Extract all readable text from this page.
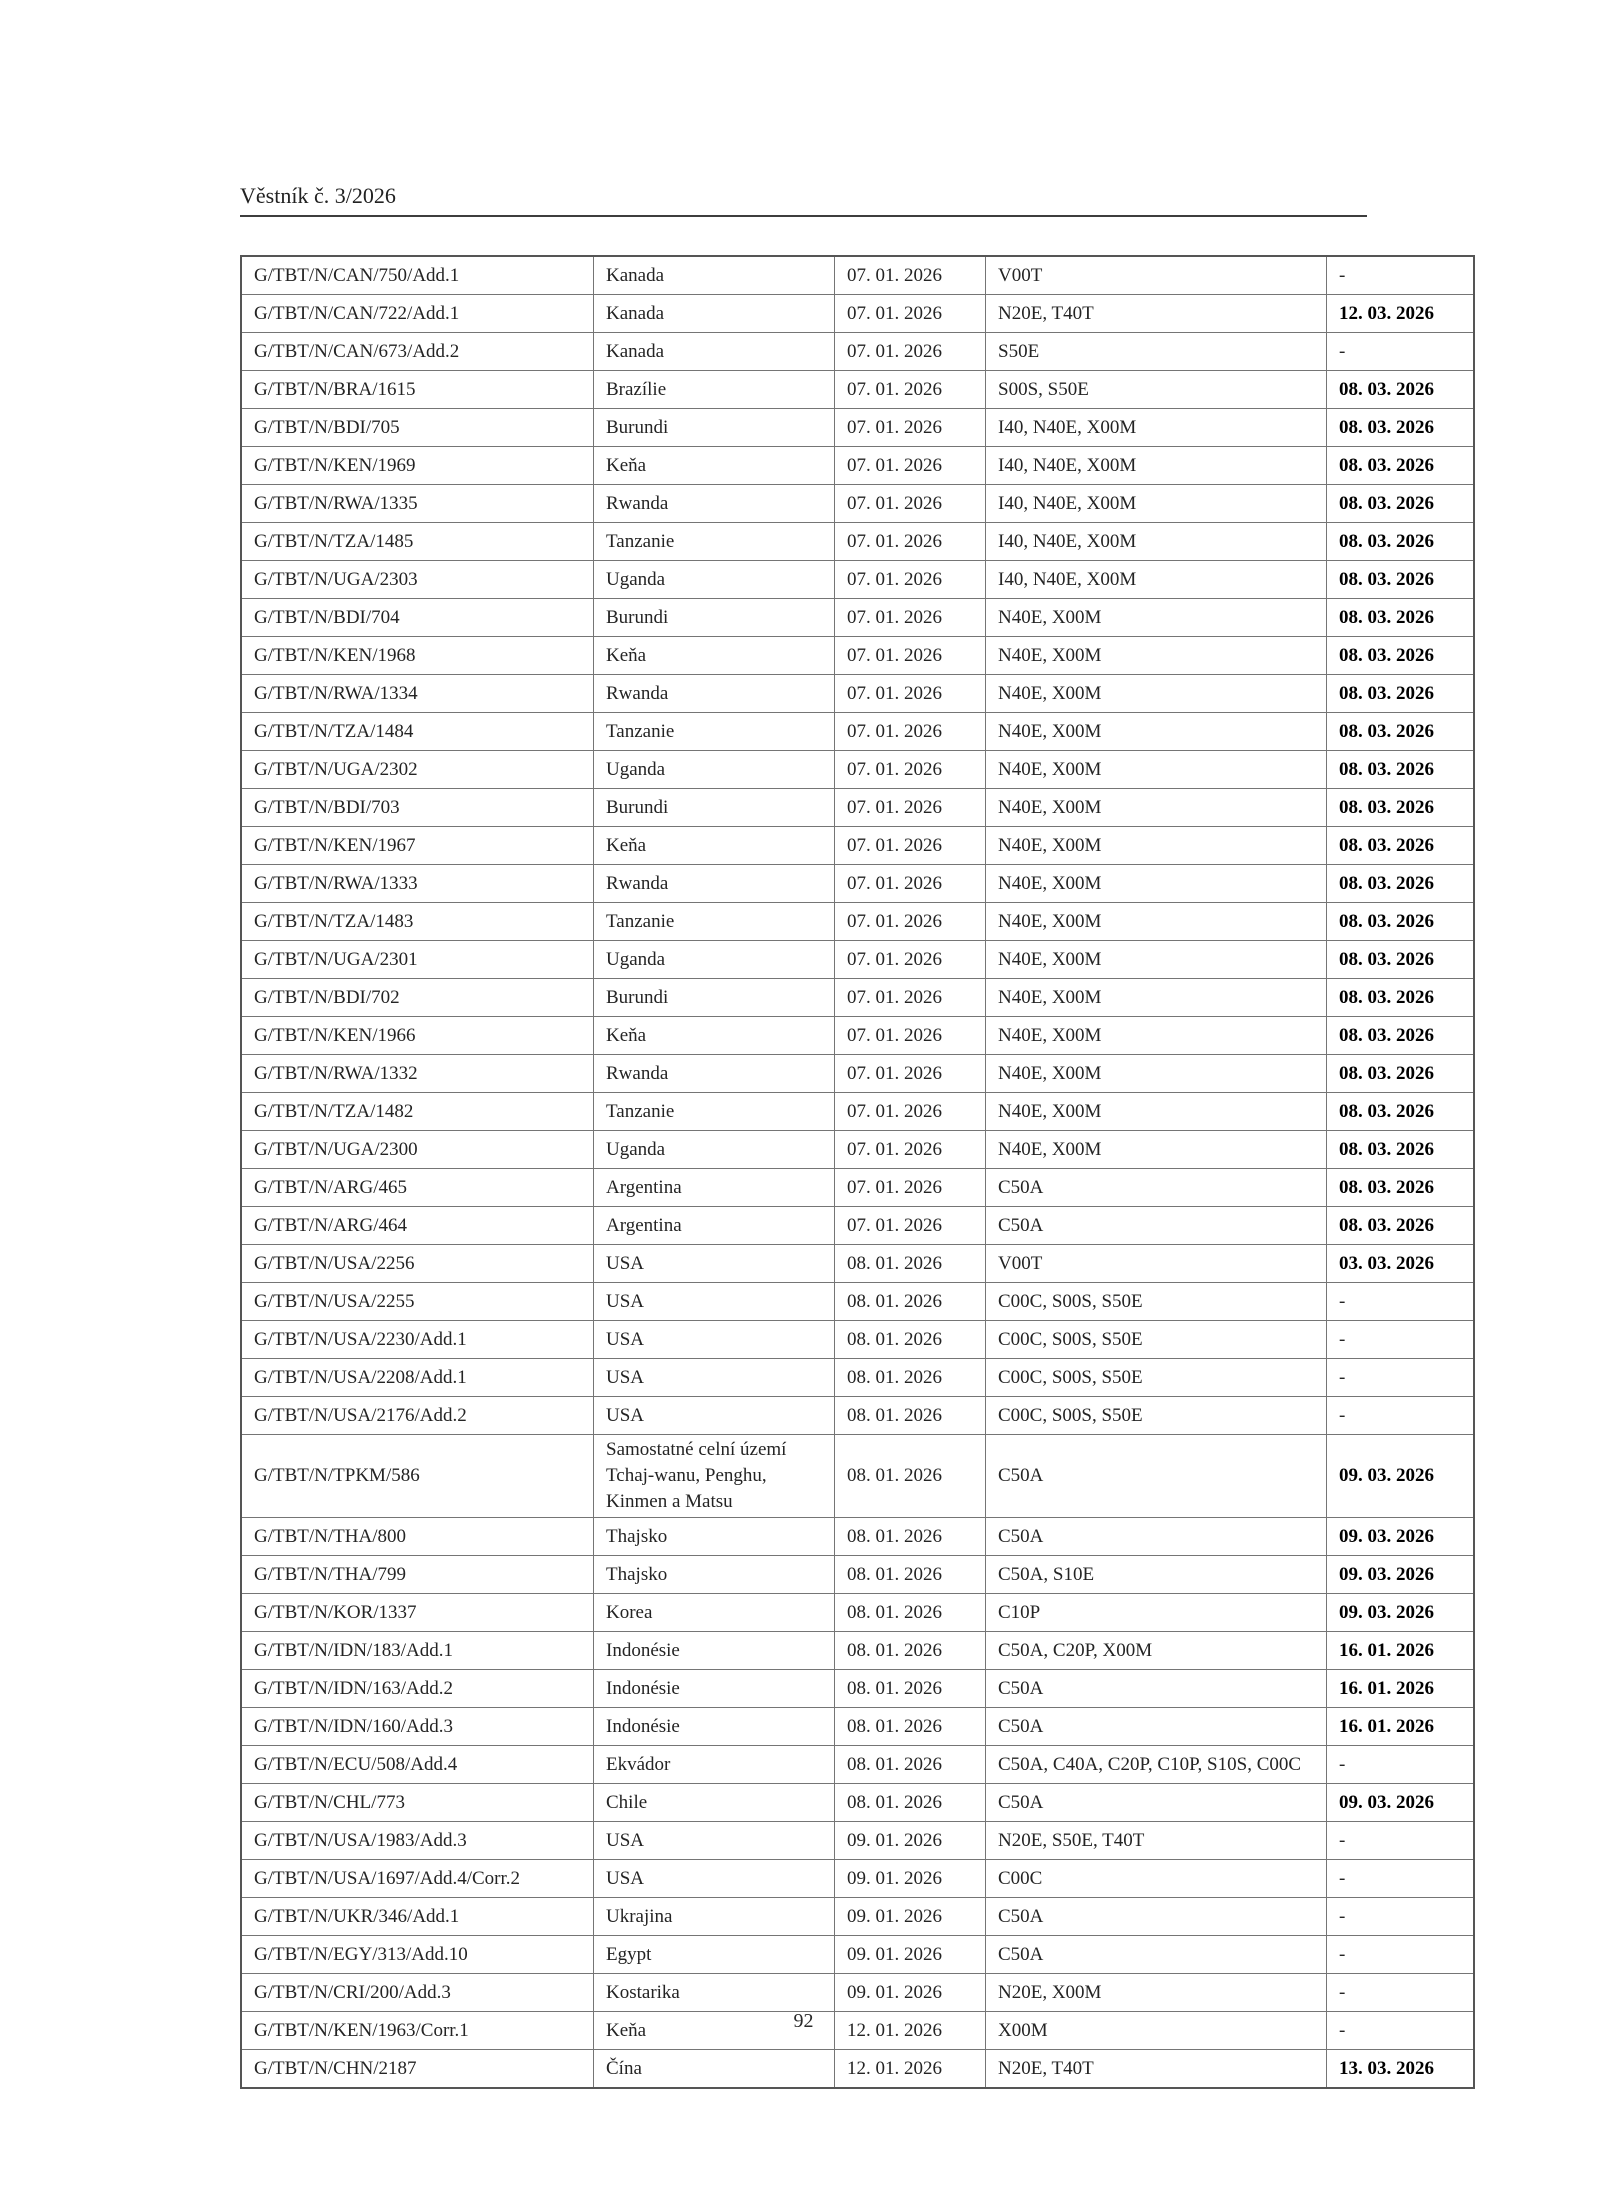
Věstník č. 3/2026
G/TBT/N/CAN/750/Add.1	Kanada	07. 01. 2026	V00T	-
G/TBT/N/CAN/722/Add.1	Kanada	07. 01. 2026	N20E, T40T	12. 03. 2026
G/TBT/N/CAN/673/Add.2	Kanada	07. 01. 2026	S50E	-
G/TBT/N/BRA/1615	Brazílie	07. 01. 2026	S00S, S50E	08. 03. 2026
G/TBT/N/BDI/705	Burundi	07. 01. 2026	I40, N40E, X00M	08. 03. 2026
G/TBT/N/KEN/1969	Keňa	07. 01. 2026	I40, N40E, X00M	08. 03. 2026
G/TBT/N/RWA/1335	Rwanda	07. 01. 2026	I40, N40E, X00M	08. 03. 2026
G/TBT/N/TZA/1485	Tanzanie	07. 01. 2026	I40, N40E, X00M	08. 03. 2026
G/TBT/N/UGA/2303	Uganda	07. 01. 2026	I40, N40E, X00M	08. 03. 2026
G/TBT/N/BDI/704	Burundi	07. 01. 2026	N40E, X00M	08. 03. 2026
G/TBT/N/KEN/1968	Keňa	07. 01. 2026	N40E, X00M	08. 03. 2026
G/TBT/N/RWA/1334	Rwanda	07. 01. 2026	N40E, X00M	08. 03. 2026
G/TBT/N/TZA/1484	Tanzanie	07. 01. 2026	N40E, X00M	08. 03. 2026
G/TBT/N/UGA/2302	Uganda	07. 01. 2026	N40E, X00M	08. 03. 2026
G/TBT/N/BDI/703	Burundi	07. 01. 2026	N40E, X00M	08. 03. 2026
G/TBT/N/KEN/1967	Keňa	07. 01. 2026	N40E, X00M	08. 03. 2026
G/TBT/N/RWA/1333	Rwanda	07. 01. 2026	N40E, X00M	08. 03. 2026
G/TBT/N/TZA/1483	Tanzanie	07. 01. 2026	N40E, X00M	08. 03. 2026
G/TBT/N/UGA/2301	Uganda	07. 01. 2026	N40E, X00M	08. 03. 2026
G/TBT/N/BDI/702	Burundi	07. 01. 2026	N40E, X00M	08. 03. 2026
G/TBT/N/KEN/1966	Keňa	07. 01. 2026	N40E, X00M	08. 03. 2026
G/TBT/N/RWA/1332	Rwanda	07. 01. 2026	N40E, X00M	08. 03. 2026
G/TBT/N/TZA/1482	Tanzanie	07. 01. 2026	N40E, X00M	08. 03. 2026
G/TBT/N/UGA/2300	Uganda	07. 01. 2026	N40E, X00M	08. 03. 2026
G/TBT/N/ARG/465	Argentina	07. 01. 2026	C50A	08. 03. 2026
G/TBT/N/ARG/464	Argentina	07. 01. 2026	C50A	08. 03. 2026
G/TBT/N/USA/2256	USA	08. 01. 2026	V00T	03. 03. 2026
G/TBT/N/USA/2255	USA	08. 01. 2026	C00C, S00S, S50E	-
G/TBT/N/USA/2230/Add.1	USA	08. 01. 2026	C00C, S00S, S50E	-
G/TBT/N/USA/2208/Add.1	USA	08. 01. 2026	C00C, S00S, S50E	-
G/TBT/N/USA/2176/Add.2	USA	08. 01. 2026	C00C, S00S, S50E	-
G/TBT/N/TPKM/586	Samostatné celní území Tchaj-wanu, Penghu, Kinmen a Matsu	08. 01. 2026	C50A	09. 03. 2026
G/TBT/N/THA/800	Thajsko	08. 01. 2026	C50A	09. 03. 2026
G/TBT/N/THA/799	Thajsko	08. 01. 2026	C50A, S10E	09. 03. 2026
G/TBT/N/KOR/1337	Korea	08. 01. 2026	C10P	09. 03. 2026
G/TBT/N/IDN/183/Add.1	Indonésie	08. 01. 2026	C50A, C20P, X00M	16. 01. 2026
G/TBT/N/IDN/163/Add.2	Indonésie	08. 01. 2026	C50A	16. 01. 2026
G/TBT/N/IDN/160/Add.3	Indonésie	08. 01. 2026	C50A	16. 01. 2026
G/TBT/N/ECU/508/Add.4	Ekvádor	08. 01. 2026	C50A, C40A, C20P, C10P, S10S, C00C	-
G/TBT/N/CHL/773	Chile	08. 01. 2026	C50A	09. 03. 2026
G/TBT/N/USA/1983/Add.3	USA	09. 01. 2026	N20E, S50E, T40T	-
G/TBT/N/USA/1697/Add.4/Corr.2	USA	09. 01. 2026	C00C	-
G/TBT/N/UKR/346/Add.1	Ukrajina	09. 01. 2026	C50A	-
G/TBT/N/EGY/313/Add.10	Egypt	09. 01. 2026	C50A	-
G/TBT/N/CRI/200/Add.3	Kostarika	09. 01. 2026	N20E, X00M	-
G/TBT/N/KEN/1963/Corr.1	Keňa	12. 01. 2026	X00M	-
G/TBT/N/CHN/2187	Čína	12. 01. 2026	N20E, T40T	13. 03. 2026
92
